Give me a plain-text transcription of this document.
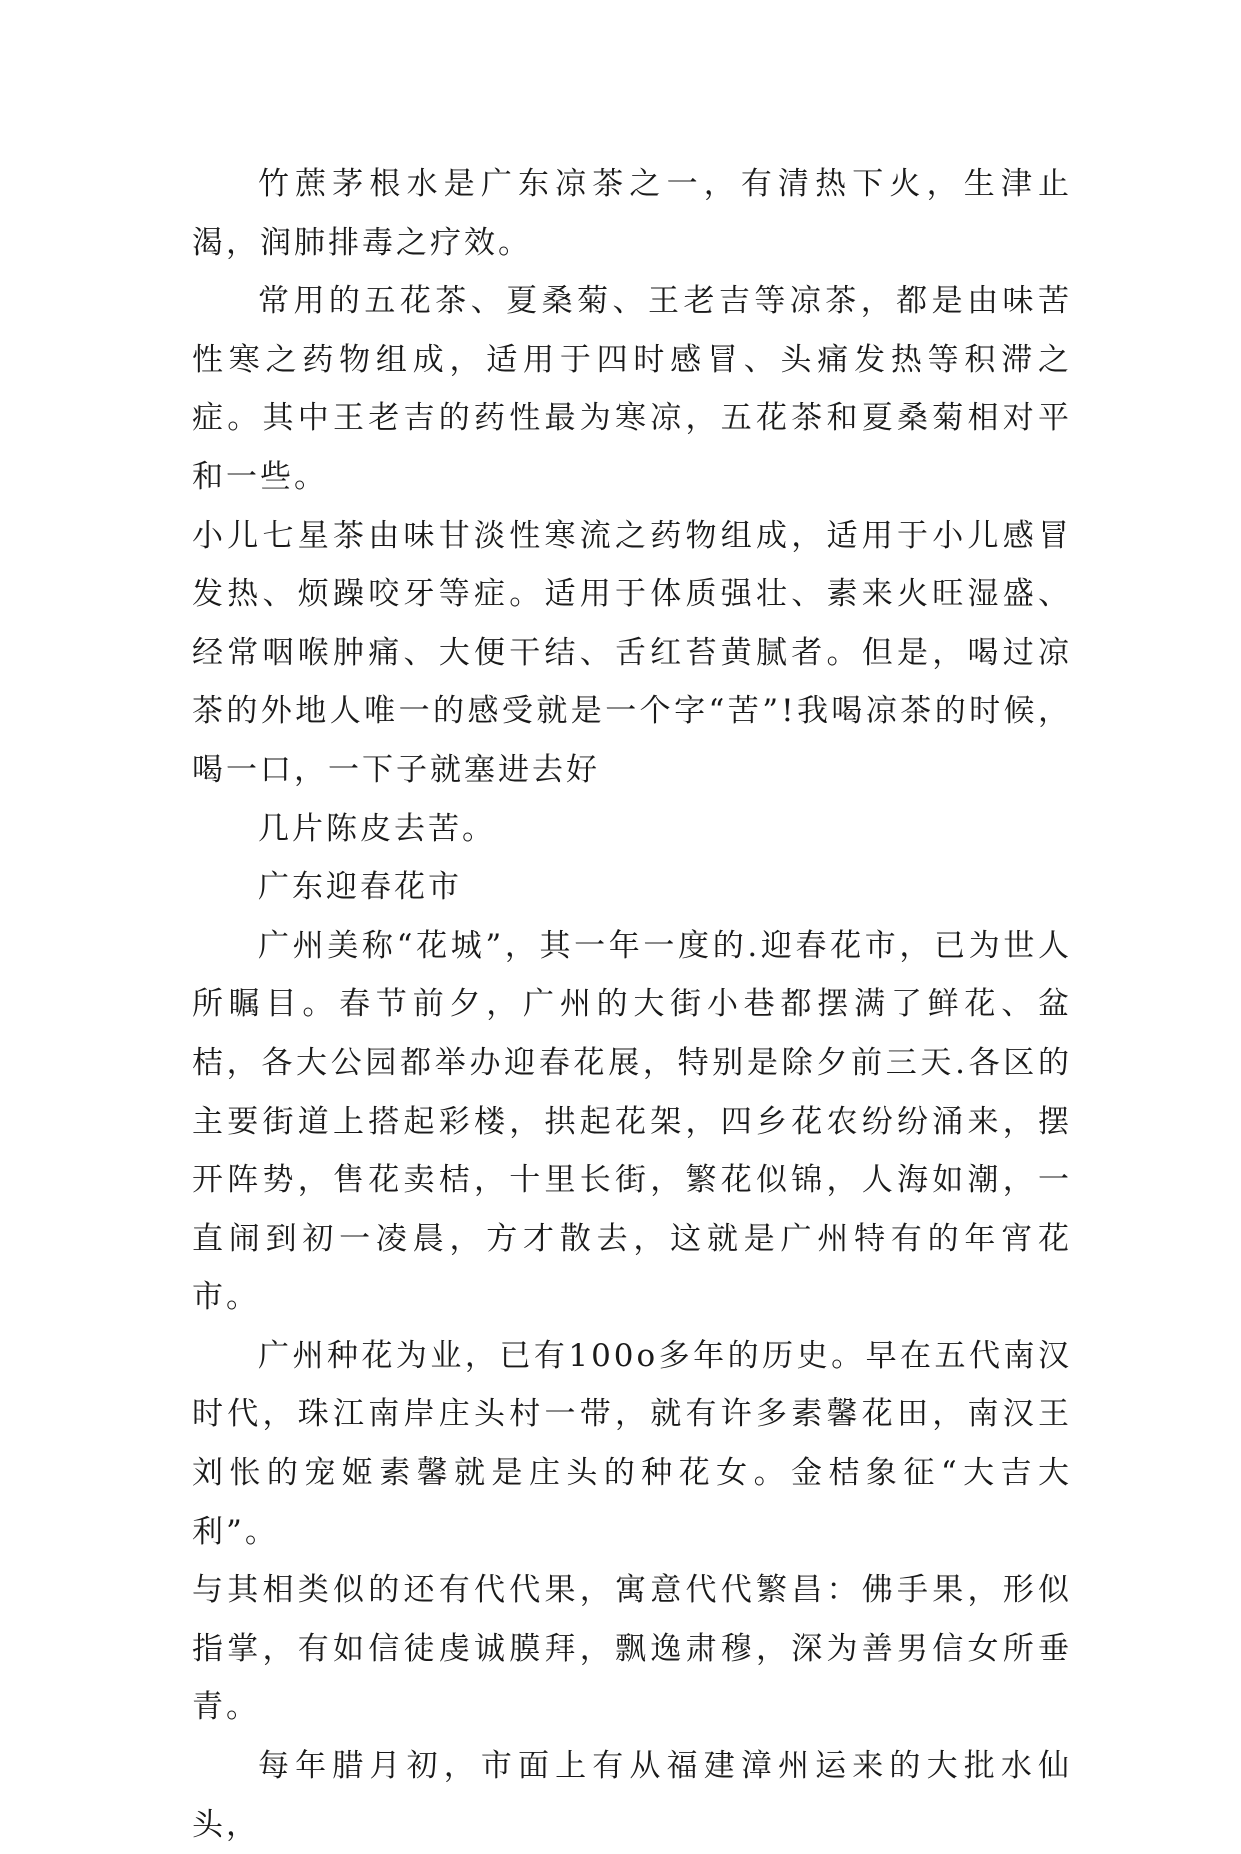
竹蔗茅根水是广东凉茶之一，有清热下火，生津止渴，润肺排毒之疗效。

常用的五花茶、夏桑菊、王老吉等凉茶，都是由味苦性寒之药物组成，适用于四时感冒、头痛发热等积滞之症。其中王老吉的药性最为寒凉，五花茶和夏桑菊相对平和一些。

小儿七星茶由味甘淡性寒流之药物组成，适用于小儿感冒发热、烦躁咬牙等症。适用于体质强壮、素来火旺湿盛、经常咽喉肿痛、大便干结、舌红苔黄腻者。但是，喝过凉茶的外地人唯一的感受就是一个字“苦”!我喝凉茶的时候，喝一口，一下子就塞进去好

几片陈皮去苦。

广东迎春花市

广州美称“花城”，其一年一度的.迎春花市，已为世人所瞩目。春节前夕，广州的大街小巷都摆满了鲜花、盆桔，各大公园都举办迎春花展，特别是除夕前三天.各区的主要街道上搭起彩楼，拱起花架，四乡花农纷纷涌来，摆开阵势，售花卖桔，十里长街，繁花似锦，人海如潮，一直闹到初一凌晨，方才散去，这就是广州特有的年宵花市。

广州种花为业，已有100o多年的历史。早在五代南汉时代，珠江南岸庄头村一带，就有许多素馨花田，南汉王刘怅的宠姬素馨就是庄头的种花女。金桔象征“大吉大利”。

与其相类似的还有代代果，寓意代代繁昌：佛手果，形似指掌，有如信徒虔诚膜拜，飘逸肃穆，深为善男信女所垂青。

每年腊月初，市面上有从福建漳州运来的大批水仙头，
